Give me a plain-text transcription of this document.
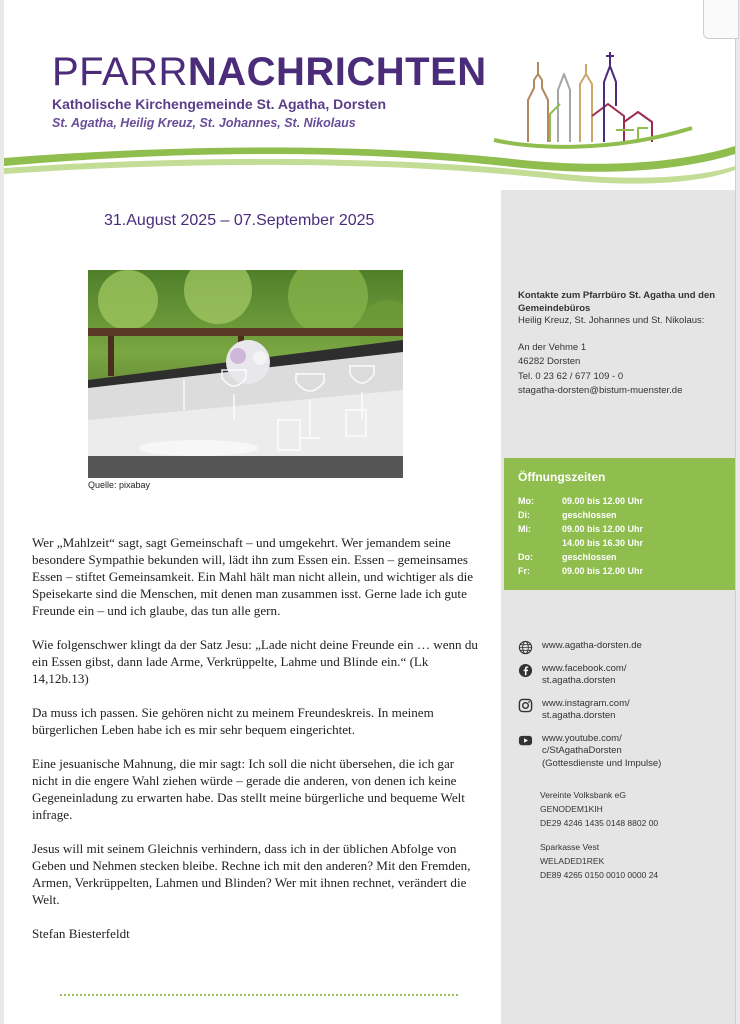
PFARRNACHRICHTEN
Katholische Kirchengemeinde St. Agatha, Dorsten
St. Agatha, Heilig Kreuz, St. Johannes, St. Nikolaus
31.August 2025 – 07.September 2025
Quelle: pixabay

Wer „Mahlzeit“ sagt, sagt Gemeinschaft – und umgekehrt. Wer jemandem seine besondere Sympathie bekunden will, lädt ihn zum Essen ein. Essen – gemeinsames Essen – stiftet Gemeinsamkeit. Ein Mahl hält man nicht allein, und wichtiger als die Speisekarte sind die Menschen, mit denen man zusammen isst. Gerne lade ich gute Freunde ein – und ich glaube, das tun alle gern.

Wie folgenschwer klingt da der Satz Jesu: „Lade nicht deine Freunde ein … wenn du ein Essen gibst, dann lade Arme, Verkrüppelte, Lahme und Blinde ein.“ (Lk 14,12b.13)

Da muss ich passen. Sie gehören nicht zu meinem Freundeskreis. In meinem bürgerlichen Leben habe ich es mir sehr bequem eingerichtet.

Eine jesuanische Mahnung, die mir sagt: Ich soll die nicht übersehen, die ich gar nicht in die engere Wahl ziehen würde – gerade die anderen, von denen ich keine Gegeneinladung zu erwarten habe. Das stellt meine bürgerliche und bequeme Welt infrage.

Jesus will mit seinem Gleichnis verhindern, dass ich in der üblichen Abfolge von Geben und Nehmen stecken bleibe. Rechne ich mit den anderen? Mit den Fremden, Armen, Verkrüppelten, Lahmen und Blinden? Wer mit ihnen rechnet, verändert die Welt.

Stefan Biesterfeldt

Kontakte zum Pfarrbüro St. Agatha und den Gemeindebüros
Heilig Kreuz, St. Johannes und St. Nikolaus:
An der Vehme 1
46282 Dorsten
Tel. 0 23 62 / 677 109 - 0
stagatha-dorsten@bistum-muenster.de
Öffnungszeiten
Mo:	09.00 bis 12.00 Uhr
Di:	geschlossen
Mi:	09.00 bis 12.00 Uhr
14.00 bis 16.30 Uhr
Do:	geschlossen
Fr:	09.00 bis 12.00 Uhr
www.agatha-dorsten.de
www.facebook.com/
st.agatha.dorsten
www.instagram.com/
st.agatha.dorsten
www.youtube.com/
c/StAgathaDorsten
(Gottesdienste und Impulse)
Vereinte Volksbank eG
GENODEM1KIH
DE29 4246 1435 0148 8802 00
Sparkasse Vest
WELADED1REK
DE89 4265 0150 0010 0000 24
